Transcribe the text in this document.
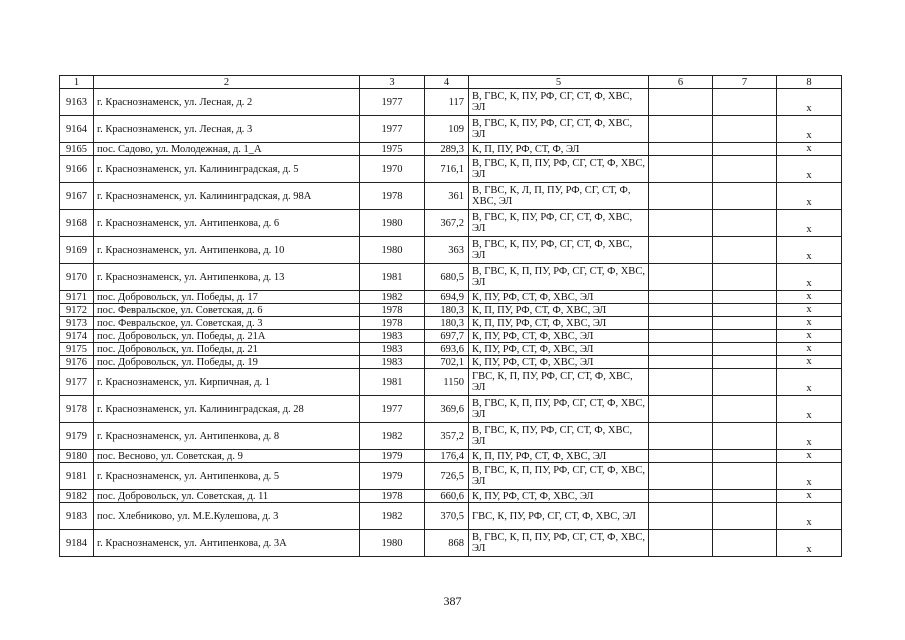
1	2	3	4	5	6	7	8
9163	г. Краснознаменск, ул. Лесная, д. 2	1977	117	В, ГВС, К, ПУ, РФ, СГ, СТ, Ф, ХВС, ЭЛ			х
9164	г. Краснознаменск, ул. Лесная, д. 3	1977	109	В, ГВС, К, ПУ, РФ, СГ, СТ, Ф, ХВС, ЭЛ			х
9165	пос. Садово, ул. Молодежная, д. 1_А	1975	289,3	К, П, ПУ, РФ, СТ, Ф, ЭЛ			х
9166	г. Краснознаменск, ул. Калининградская, д. 5	1970	716,1	В, ГВС, К, П, ПУ, РФ, СГ, СТ, Ф, ХВС, ЭЛ			х
9167	г. Краснознаменск, ул. Калининградская, д. 98А	1978	361	В, ГВС, К, Л, П, ПУ, РФ, СГ, СТ, Ф, ХВС, ЭЛ			х
9168	г. Краснознаменск, ул. Антипенкова, д. 6	1980	367,2	В, ГВС, К, ПУ, РФ, СГ, СТ, Ф, ХВС, ЭЛ			х
9169	г. Краснознаменск, ул. Антипенкова, д. 10	1980	363	В, ГВС, К, ПУ, РФ, СГ, СТ, Ф, ХВС, ЭЛ			х
9170	г. Краснознаменск, ул. Антипенкова, д. 13	1981	680,5	В, ГВС, К, П, ПУ, РФ, СГ, СТ, Ф, ХВС, ЭЛ			х
9171	пос. Добровольск, ул. Победы, д. 17	1982	694,9	К, ПУ, РФ, СТ, Ф, ХВС, ЭЛ			х
9172	пос. Февральское, ул. Советская, д. 6	1978	180,3	К, П, ПУ, РФ, СТ, Ф, ХВС, ЭЛ			х
9173	пос. Февральское, ул. Советская, д. 3	1978	180,3	К, П, ПУ, РФ, СТ, Ф, ХВС, ЭЛ			х
9174	пос. Добровольск, ул. Победы, д. 21А	1983	697,7	К, ПУ, РФ, СТ, Ф, ХВС, ЭЛ			х
9175	пос. Добровольск, ул. Победы, д. 21	1983	693,6	К, ПУ, РФ, СТ, Ф, ХВС, ЭЛ			х
9176	пос. Добровольск, ул. Победы, д. 19	1983	702,1	К, ПУ, РФ, СТ, Ф, ХВС, ЭЛ			х
9177	г. Краснознаменск, ул. Кирпичная, д. 1	1981	1150	ГВС, К, П, ПУ, РФ, СГ, СТ, Ф, ХВС, ЭЛ			х
9178	г. Краснознаменск, ул. Калининградская, д. 28	1977	369,6	В, ГВС, К, П, ПУ, РФ, СГ, СТ, Ф, ХВС, ЭЛ			х
9179	г. Краснознаменск, ул. Антипенкова, д. 8	1982	357,2	В, ГВС, К, ПУ, РФ, СГ, СТ, Ф, ХВС, ЭЛ			х
9180	пос. Весново, ул. Советская, д. 9	1979	176,4	К, П, ПУ, РФ, СТ, Ф, ХВС, ЭЛ			х
9181	г. Краснознаменск, ул. Антипенкова, д. 5	1979	726,5	В, ГВС, К, П, ПУ, РФ, СГ, СТ, Ф, ХВС, ЭЛ			х
9182	пос. Добровольск, ул. Советская, д. 11	1978	660,6	К, ПУ, РФ, СТ, Ф, ХВС, ЭЛ			х
9183	пос. Хлебниково, ул. М.Е.Кулешова, д. 3	1982	370,5	ГВС, К, ПУ, РФ, СГ, СТ, Ф, ХВС, ЭЛ			х
9184	г. Краснознаменск, ул. Антипенкова, д. 3А	1980	868	В, ГВС, К, П, ПУ, РФ, СГ, СТ, Ф, ХВС, ЭЛ			х
387
